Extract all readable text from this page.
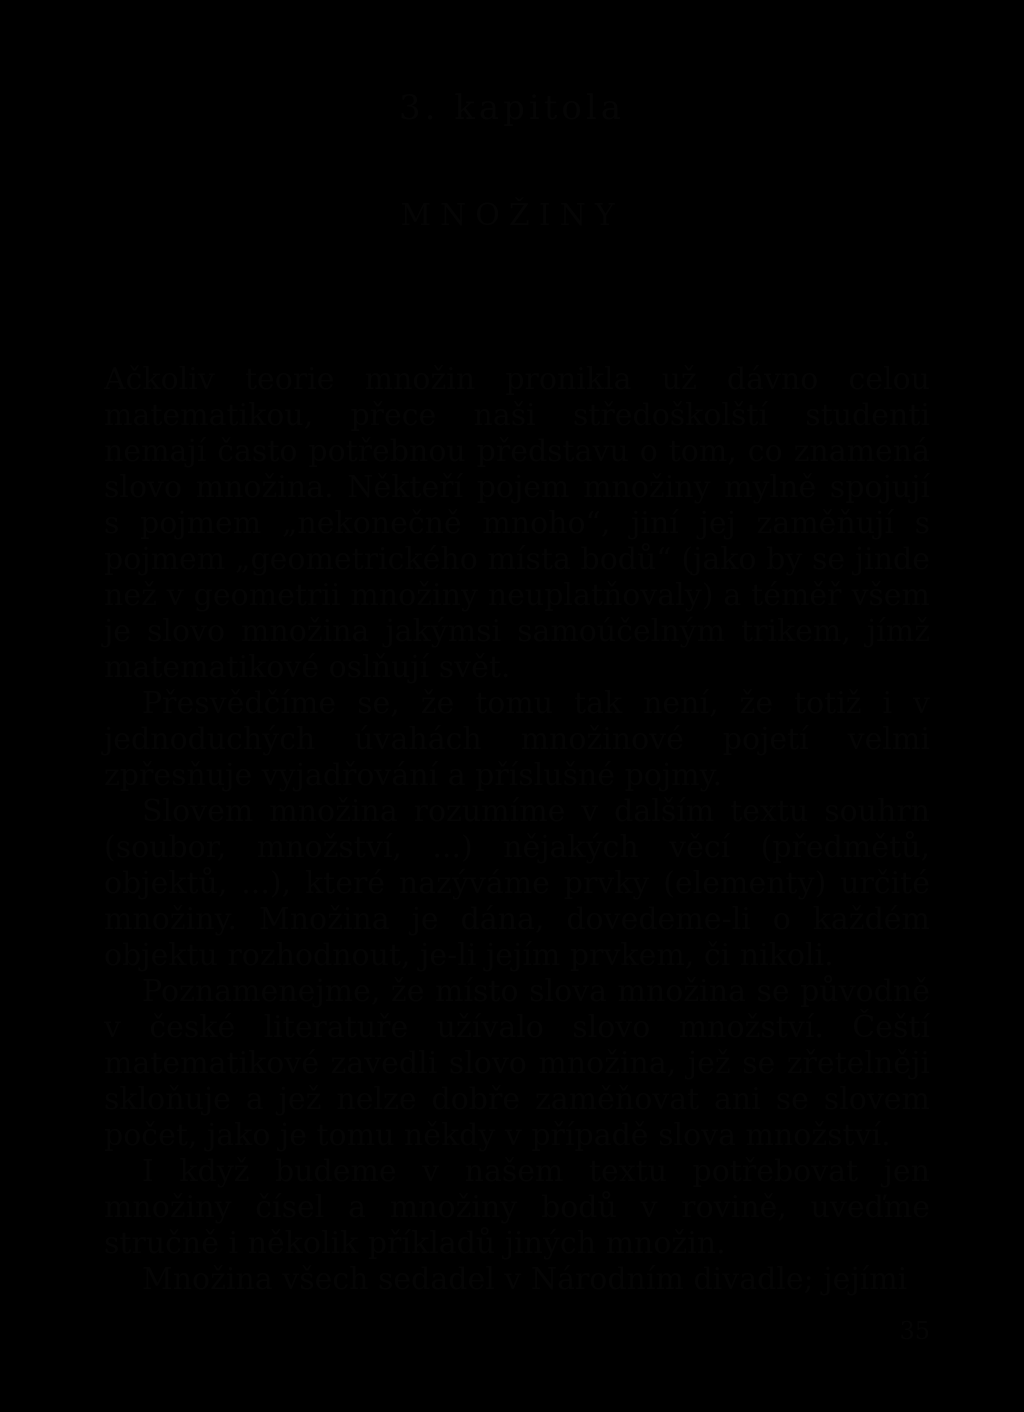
3. kapitola
MNOŽINY

Ačkoliv teorie množin pronikla už dávno celou matematikou, přece naši středoškolští studenti nemají často potřebnou představu o tom, co znamená slovo množina. Někteří pojem množiny mylně spojují s pojmem „nekonečně mnoho“, jiní jej zaměňují s pojmem „geometrického místa bodů“ (jako by se jinde než v geometrii množiny neuplatňovaly) a téměř všem je slovo množina jakýmsi samoúčelným trikem, jímž matematikové oslňují svět.

Přesvědčíme se, že tomu tak není, že totiž i v jednoduchých úvahách množinové pojetí velmi zpřesňuje vyjadřování a příslušné pojmy.

Slovem množina rozumíme v dalším textu souhrn (soubor, množství, ...) nějakých věcí (předmětů, objektů, ...), které nazýváme prvky (elementy) určité množiny. Množina je dána, dovedeme-li o každém objektu rozhodnout, je-li jejím prvkem, či nikoli.

Poznamenejme, že místo slova množina se původně v české literatuře užívalo slovo množství. Čeští matematikové zavedli slovo množina, jež se zřetelněji skloňuje a jež nelze dobře zaměňovat ani se slovem počet, jako je tomu někdy v případě slova množství.

I když budeme v našem textu potřebovat jen množiny čísel a množiny bodů v rovině, uveďme stručně i několik příkladů jiných množin.

Množina všech sedadel v Národním divadle; jejími

35
